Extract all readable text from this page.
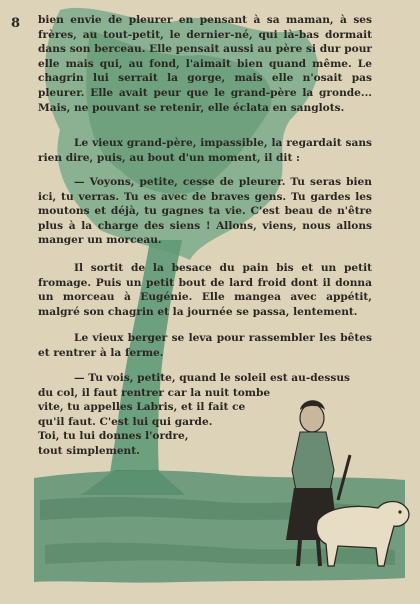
8 bien envie de pleurer en pensant à sa maman, à ses frères, au tout-petit, le dernier-né, qui là-bas dormait dans son berceau. Elle pensait aussi au père si dur pour elle mais qui, au fond, l'aimait bien quand même. Le chagrin lui serrait la gorge, mais elle n'osait pas pleurer. Elle avait peur que le grand-père la gronde... Mais, ne pouvant se retenir, elle éclata en sanglots.

Le vieux grand-père, impassible, la regardait sans rien dire, puis, au bout d'un moment, il dit :

— Voyons, petite, cesse de pleurer. Tu seras bien ici, tu verras. Tu es avec de braves gens. Tu gardes les moutons et déjà, tu gagnes ta vie. C'est beau de n'être plus à la charge des siens ! Allons, viens, nous allons manger un morceau.

Il sortit de la besace du pain bis et un petit fromage. Puis un petit bout de lard froid dont il donna un morceau à Eugénie. Elle mangea avec appétit, malgré son chagrin et la journée se passa, lentement.

Le vieux berger se leva pour rassembler les bêtes et rentrer à la ferme.

— Tu vois, petite, quand le soleil est au-dessus

du col, il faut rentrer car la nuit tombe

vite, tu appelles Labris, et il fait ce

qu'il faut. C'est lui qui garde.

Toi, tu lui donnes l'ordre,

tout simplement.
